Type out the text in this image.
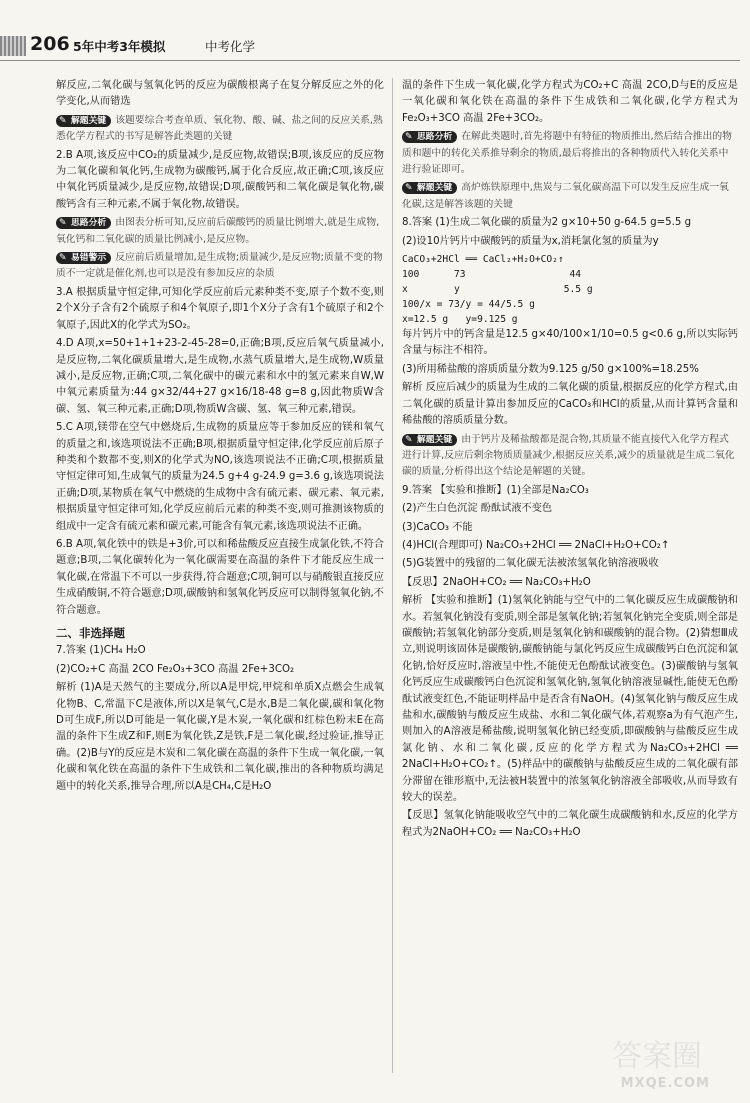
206 5年中考3年模拟	中考化学

解反应,二氧化碳与氢氧化钙的反应为碳酸根离子在复分解反应之外的化学变化,从而错选

✎ 解题关键 该题要综合考查单质、氧化物、酸、碱、盐之间的反应关系,熟悉化学方程式的书写是解答此类题的关键

2.B A项,该反应中CO₂的质量减少,是反应物,故错误;B项,该反应的反应物为二氧化碳和氧化钙,生成物为碳酸钙,属于化合反应,故正确;C项,该反应中氧化钙质量减少,是反应物,故错误;D项,碳酸钙和二氧化碳是氧化物,碳酸钙含有三种元素,不属于氧化物,故错误。

✎ 思路分析 由图表分析可知,反应前后碳酸钙的质量比例增大,就是生成物,氧化钙和二氧化碳的质量比例减小,是反应物。
✎ 易错警示 反应前后质量增加,是生成物;质量减少,是反应物;质量不变的物质不一定就是催化剂,也可以是没有参加反应的杂质

3.A 根据质量守恒定律,可知化学反应前后元素种类不变,原子个数不变,则2个X分子含有2个硫原子和4个氧原子,即1个X分子含有1个硫原子和2个氧原子,因此X的化学式为SO₂。

4.D A项,x=50+1+1+23-2-45-28=0,正确;B项,反应后氧气质量减小,是反应物,二氧化碳质量增大,是生成物,水蒸气质量增大,是生成物,W质量减小,是反应物,正确;C项,二氧化碳中的碳元素和水中的氢元素来自W,W中氧元素质量为:44 g×32/44+27 g×16/18-48 g=8 g,因此物质W含碳、氢、氧三种元素,正确;D项,物质W含碳、氢、氧三种元素,错误。

5.C A项,镁带在空气中燃烧后,生成物的质量应等于参加反应的镁和氧气的质量之和,该选项说法不正确;B项,根据质量守恒定律,化学反应前后原子种类和个数都不变,则X的化学式为NO,该选项说法不正确;C项,根据质量守恒定律可知,生成氧气的质量为24.5 g+4 g-24.9 g=3.6 g,该选项说法正确;D项,某物质在氧气中燃烧的生成物中含有硫元素、碳元素、氧元素,根据质量守恒定律可知,化学反应前后元素的种类不变,则可推测该物质的组成中一定含有硫元素和碳元素,可能含有氧元素,该选项说法不正确。

6.B A项,氧化铁中的铁是+3价,可以和稀盐酸反应直接生成氯化铁,不符合题意;B项,二氧化碳转化为一氧化碳需要在高温的条件下才能反应生成一氧化碳,在常温下不可以一步获得,符合题意;C项,铜可以与硝酸银直接反应生成硝酸铜,不符合题意;D项,碳酸钠和氢氧化钙反应可以制得氢氧化钠,不符合题意。

二、非选择题

7.答案 (1)CH₄ H₂O

(2)CO₂+C 高温 2CO Fe₂O₃+3CO 高温 2Fe+3CO₂

解析 (1)A是天然气的主要成分,所以A是甲烷,甲烷和单质X点燃会生成氧化物B、C,常温下C是液体,所以X是氧气,C是水,B是二氧化碳,碳和氧化物D可生成F,所以D可能是一氧化碳,Y是木炭,一氧化碳和红棕色粉末E在高温的条件下生成Z和F,则E为氧化铁,Z是铁,F是二氧化碳,经过验证,推导正确。(2)B与Y的反应是木炭和二氧化碳在高温的条件下生成一氧化碳,一氧化碳和氧化铁在高温的条件下生成铁和二氧化碳,推出的各种物质均满足题中的转化关系,推导合理,所以A是CH₄,C是H₂O

温的条件下生成一氧化碳,化学方程式为CO₂+C 高温 2CO,D与E的反应是一氧化碳和氧化铁在高温的条件下生成铁和二氧化碳,化学方程式为Fe₂O₃+3CO 高温 2Fe+3CO₂。

✎ 思路分析 在解此类题时,首先将题中有特征的物质推出,然后结合推出的物质和题中的转化关系推导剩余的物质,最后将推出的各种物质代入转化关系中进行验证即可。
✎ 解题关键 高炉炼铁原理中,焦炭与二氧化碳高温下可以发生反应生成一氧化碳,这是解答该题的关键

8.答案 (1)生成二氧化碳的质量为2 g×10+50 g-64.5 g=5.5 g

(2)设10片钙片中碳酸钙的质量为x,消耗氯化氢的质量为y

CaCO₃+2HCl ══ CaCl₂+H₂O+CO₂↑
100      73                  44
x        y                  5.5 g
100/x = 73/y = 44/5.5 g
x=12.5 g   y=9.125 g

每片钙片中的钙含量是12.5 g×40/100×1/10=0.5 g<0.6 g,所以实际钙含量与标注不相符。

(3)所用稀盐酸的溶质质量分数为9.125 g/50 g×100%=18.25%

解析 反应后减少的质量为生成的二氧化碳的质量,根据反应的化学方程式,由二氧化碳的质量计算出参加反应的CaCO₃和HCl的质量,从而计算钙含量和稀盐酸的溶质质量分数。

✎ 解题关键 由于钙片及稀盐酸都是混合物,其质量不能直接代入化学方程式进行计算,反应后剩余物质质量减少,根据反应关系,减少的质量就是生成二氧化碳的质量,分析得出这个结论是解题的关键。

9.答案 【实验和推断】(1)全部是Na₂CO₃

(2)产生白色沉淀 酚酞试液不变色

(3)CaCO₃ 不能

(4)HCl(合理即可) Na₂CO₃+2HCl ══ 2NaCl+H₂O+CO₂↑

(5)G装置中的残留的二氧化碳无法被浓氢氧化钠溶液吸收

【反思】2NaOH+CO₂ ══ Na₂CO₃+H₂O

解析 【实验和推断】(1)氢氧化钠能与空气中的二氧化碳反应生成碳酸钠和水。若氢氧化钠没有变质,则全部是氢氧化钠;若氢氧化钠完全变质,则全部是碳酸钠;若氢氧化钠部分变质,则是氢氧化钠和碳酸钠的混合物。(2)猜想Ⅲ成立,则说明该固体是碳酸钠,碳酸钠能与氯化钙反应生成碳酸钙白色沉淀和氯化钠,恰好反应时,溶液呈中性,不能使无色酚酞试液变色。(3)碳酸钠与氢氧化钙反应生成碳酸钙白色沉淀和氢氧化钠,氢氧化钠溶液显碱性,能使无色酚酞试液变红色,不能证明样品中是否含有NaOH。(4)氢氧化钠与酸反应生成盐和水,碳酸钠与酸反应生成盐、水和二氧化碳气体,若观察a为有气泡产生,则加入的A溶液是稀盐酸,说明氢氧化钠已经变质,即碳酸钠与盐酸反应生成氯化钠、水和二氧化碳,反应的化学方程式为Na₂CO₃+2HCl ══ 2NaCl+H₂O+CO₂↑。(5)样品中的碳酸钠与盐酸反应生成的二氧化碳有部分滞留在锥形瓶中,无法被H装置中的浓氢氧化钠溶液全部吸收,从而导致有较大的误差。

【反思】氢氧化钠能吸收空气中的二氧化碳生成碳酸钠和水,反应的化学方程式为2NaOH+CO₂ ══ Na₂CO₃+H₂O

答案圈
MXQE.COM
